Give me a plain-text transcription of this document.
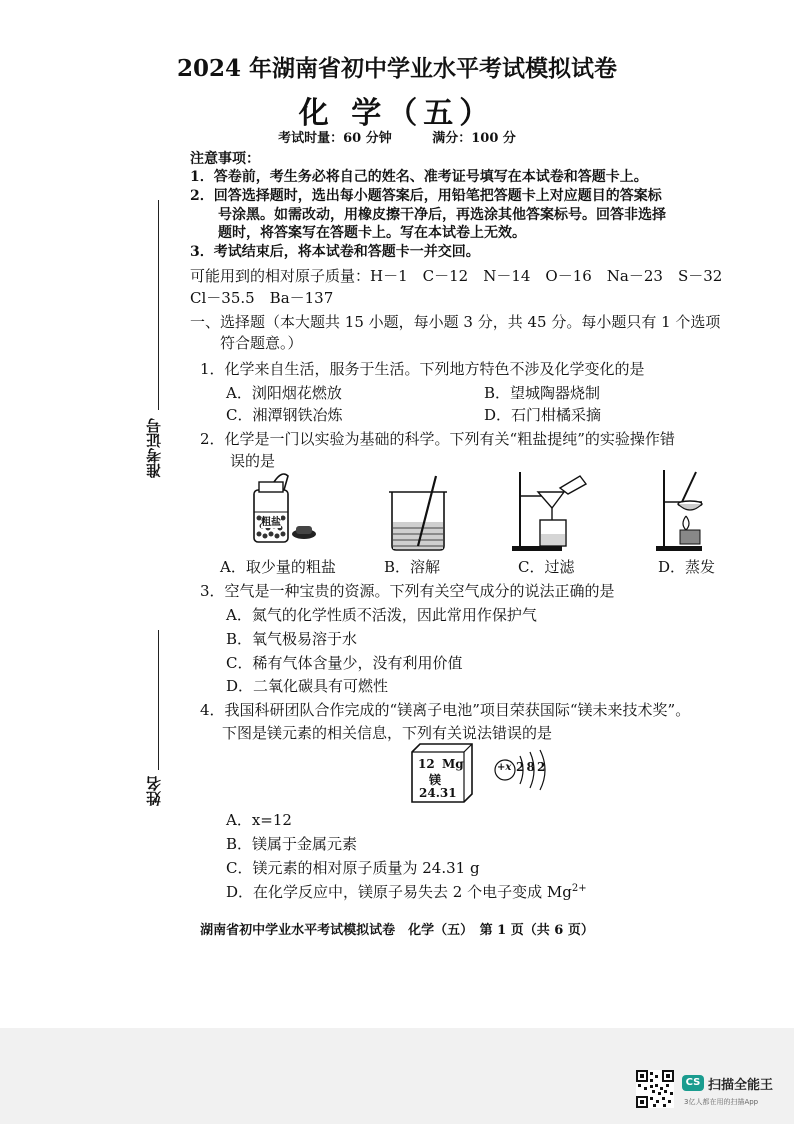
2024 年湖南省初中学业水平考试模拟试卷
化 学（五）
考试时量：60 分钟	满分：100 分
准考证号
姓名
注意事项：
1．答卷前，考生务必将自己的姓名、准考证号填写在本试卷和答题卡上。
2．回答选择题时，选出每小题答案后，用铅笔把答题卡上对应题目的答案标
　　号涂黑。如需改动，用橡皮擦干净后，再选涂其他答案标号。回答非选择
　　题时，将答案写在答题卡上。写在本试卷上无效。
3．考试结束后，将本试卷和答题卡一并交回。
可能用到的相对原子质量：H－1　C－12　N－14　O－16　Na－23　S－32
Cl－35.5　Ba－137
一、选择题（本大题共 15 小题，每小题 3 分，共 45 分。每小题只有 1 个选项
　　符合题意。）
1．化学来自生活，服务于生活。下列地方特色不涉及化学变化的是
A．浏阳烟花燃放	B．望城陶器烧制
C．湘潭钢铁冶炼	D．石门柑橘采摘
2．化学是一门以实验为基础的科学。下列有关“粗盐提纯”的实验操作错
　　误的是
粗盐
A．取少量的粗盐	B．溶解	C．过滤	D．蒸发
3．空气是一种宝贵的资源。下列有关空气成分的说法正确的是
A．氮气的化学性质不活泼，因此常用作保护气
B．氧气极易溶于水
C．稀有气体含量少，没有利用价值
D．二氧化碳具有可燃性
4．我国科研团队合作完成的“镁离子电池”项目荣获国际“镁未来技术奖”。
下图是镁元素的相关信息，下列有关说法错误的是
12 Mg
镁
24.31
+x 2 8 2
A．x=12
B．镁属于金属元素
C．镁元素的相对原子质量为 24.31 g
D．在化学反应中，镁原子易失去 2 个电子变成 $Mg^{2+}$
湖南省初中学业水平考试模拟试卷　化学（五）　第 1 页（共 6 页）
CS 扫描全能王
3亿人都在用的扫描App
